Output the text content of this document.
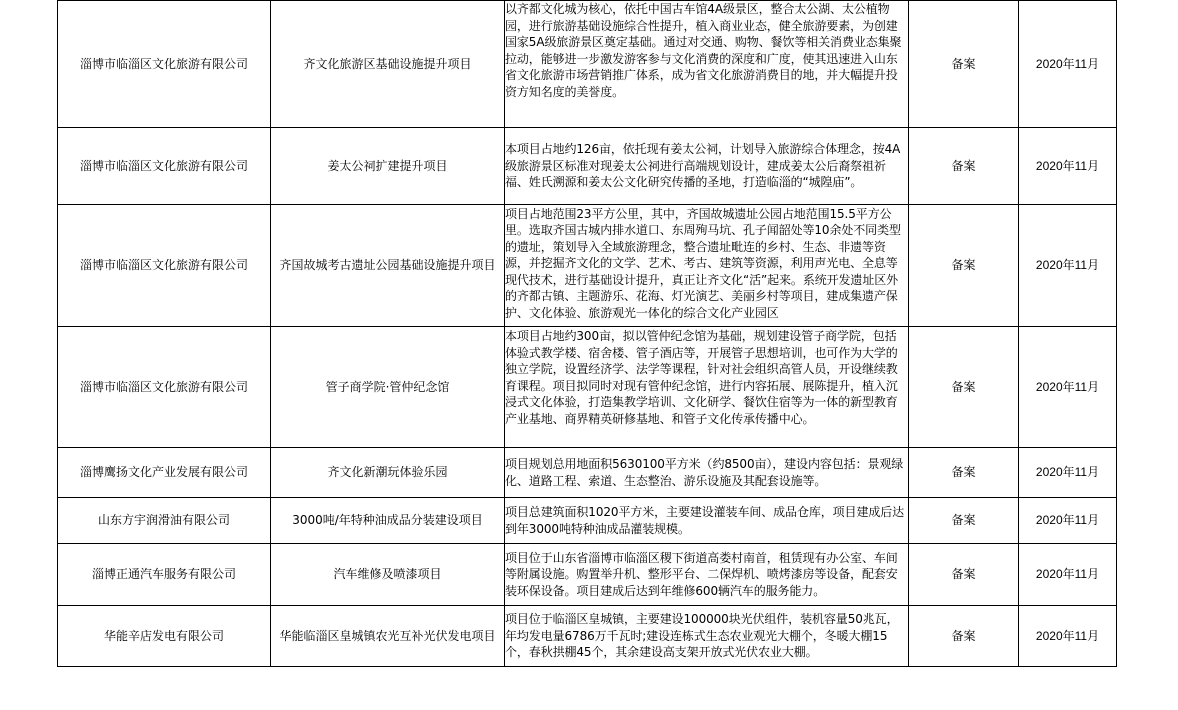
淄博市临淄区文化旅游有限公司	齐文化旅游区基础设施提升项目	以齐都文化城为核心，依托中国古车馆4A级景区，整合太公湖、太公植物园，进行旅游基础设施综合性提升，植入商业业态，健全旅游要素，为创建国家5A级旅游景区奠定基础。通过对交通、购物、餐饮等相关消费业态集聚拉动，能够进一步激发游客参与文化消费的深度和广度，使其迅速进入山东省文化旅游市场营销推广体系，成为省文化旅游消费目的地，并大幅提升投资方知名度的美誉度。	备案	2020年11月
淄博市临淄区文化旅游有限公司	姜太公祠扩建提升项目	本项目占地约126亩，依托现有姜太公祠，计划导入旅游综合体理念，按4A级旅游景区标准对现姜太公祠进行高端规划设计，建成姜太公后裔祭祖祈福、姓氏溯源和姜太公文化研究传播的圣地，打造临淄的“城隍庙”。	备案	2020年11月
淄博市临淄区文化旅游有限公司	齐国故城考古遗址公园基础设施提升项目	项目占地范围23平方公里，其中，齐国故城遗址公园占地范围15.5平方公里。选取齐国古城内排水道口、东周殉马坑、孔子闻韶处等10余处不同类型的遗址，策划导入全域旅游理念，整合遗址毗连的乡村、生态、非遗等资源，并挖掘齐文化的文学、艺术、考古、建筑等资源，利用声光电、全息等现代技术，进行基础设计提升，真正让齐文化“活”起来。系统开发遗址区外的齐都古镇、主题游乐、花海、灯光演艺、美丽乡村等项目，建成集遗产保护、文化体验、旅游观光一体化的综合文化产业园区	备案	2020年11月
淄博市临淄区文化旅游有限公司	管子商学院·管仲纪念馆	本项目占地约300亩，拟以管仲纪念馆为基础，规划建设管子商学院，包括体验式教学楼、宿舍楼、管子酒店等，开展管子思想培训，也可作为大学的独立学院，设置经济学、法学等课程，针对社会组织高管人员，开设继续教育课程。项目拟同时对现有管仲纪念馆，进行内容拓展、展陈提升，植入沉浸式文化体验，打造集教学培训、文化研学、餐饮住宿等为一体的新型教育产业基地、商界精英研修基地、和管子文化传承传播中心。	备案	2020年11月
淄博鹰扬文化产业发展有限公司	齐文化新潮玩体验乐园	项目规划总用地面积5630100平方米（约8500亩），建设内容包括：景观绿化、道路工程、索道、生态整治、游乐设施及其配套设施等。	备案	2020年11月
山东方宇润滑油有限公司	3000吨/年特种油成品分装建设项目	项目总建筑面积1020平方米，主要建设灌装车间、成品仓库，项目建成后达到年3000吨特种油成品灌装规模。	备案	2020年11月
淄博正通汽车服务有限公司	汽车维修及喷漆项目	项目位于山东省淄博市临淄区稷下街道高娄村南首，租赁现有办公室、车间等附属设施。购置举升机、整形平台、二保焊机、喷烤漆房等设备，配套安装环保设备。项目建成后达到年维修600辆汽车的服务能力。	备案	2020年11月
华能辛店发电有限公司	华能临淄区皇城镇农光互补光伏发电项目	项目位于临淄区皇城镇，主要建设100000块光伏组件，装机容量50兆瓦，年均发电量6786万千瓦时;建设连栋式生态农业观光大棚个，冬暖大棚15个，春秋拱棚45个，其余建设高支架开放式光伏农业大棚。	备案	2020年11月
